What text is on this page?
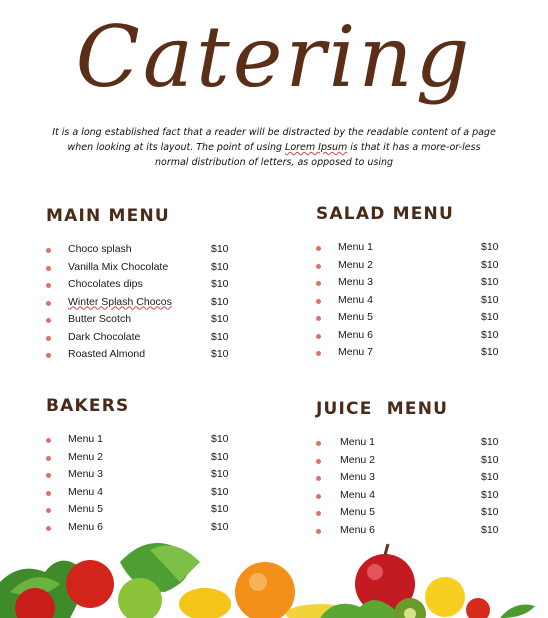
Catering
It is a long established fact that a reader will be distracted by the readable content of a page
when looking at its layout. The point of using Lorem Ipsum is that it has a more-or-less
normal distribution of letters, as opposed to using
MAIN MENU
Choco splash	$10
Vanilla Mix Chocolate	$10
Chocolates dips	$10
Winter Splash Chocos	$10
Butter Scotch	$10
Dark Chocolate	$10
Roasted Almond	$10
SALAD MENU
Menu 1	$10
Menu 2	$10
Menu 3	$10
Menu 4	$10
Menu 5	$10
Menu 6	$10
Menu 7	$10
BAKERS
Menu 1	$10
Menu 2	$10
Menu 3	$10
Menu 4	$10
Menu 5	$10
Menu 6	$10
JUICE  MENU
Menu 1	$10
Menu 2	$10
Menu 3	$10
Menu 4	$10
Menu 5	$10
Menu 6	$10
